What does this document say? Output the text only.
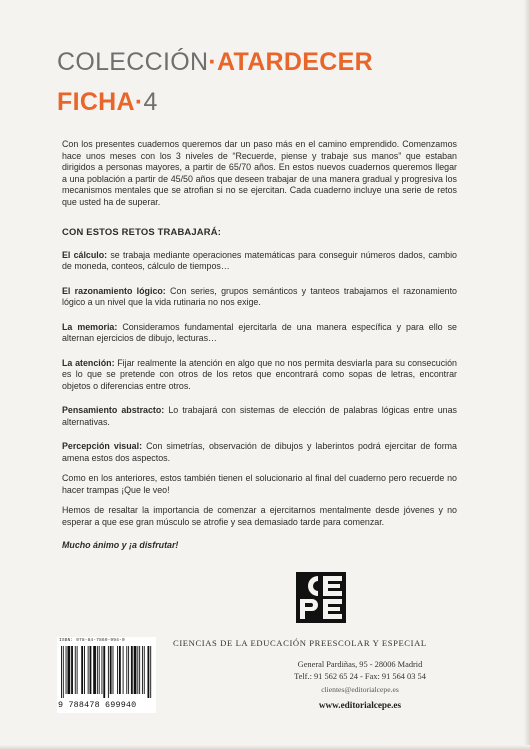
COLECCIÓN·ATARDECER
FICHA·4

Con los presentes cuadernos queremos dar un paso más en el camino emprendido. Comenzamos hace unos meses con los 3 niveles de “Recuerde, piense y trabaje sus manos” que estaban dirigidos a personas mayores, a partir de 65/70 años. En estos nuevos cuadernos queremos llegar a una población a partir de 45/50 años que deseen trabajar de una manera gradual y progresiva los mecanismos mentales que se atrofian si no se ejercitan. Cada cuaderno incluye una serie de retos que usted ha de superar.

CON ESTOS RETOS TRABAJARÁ:

El cálculo: se trabaja mediante operaciones matemáticas para conseguir números dados, cambio de moneda, conteos, cálculo de tiempos…

El razonamiento lógico: Con series, grupos semánticos y tanteos trabajamos el razonamiento lógico a un nivel que la vida rutinaria no nos exige.

La memoria: Consideramos fundamental ejercitarla de una manera específica y para ello se alternan ejercicios de dibujo, lecturas…

La atención: Fijar realmente la atención en algo que no nos permita desviarla para su consecución es lo que se pretende con otros de los retos que encontrará como sopas de letras, encontrar objetos o diferencias entre otros.

Pensamiento abstracto: Lo trabajará con sistemas de elección de palabras lógicas entre unas alternativas.

Percepción visual: Con simetrías, observación de dibujos y laberintos podrá ejercitar de forma amena estos dos aspectos.

Como en los anteriores, estos también tienen el solucionario al final del cuaderno pero recuerde no hacer trampas ¡Que le veo!

Hemos de resaltar la importancia de comenzar a ejercitarnos mentalmente desde jóvenes y no esperar a que ese gran músculo se atrofie y sea demasiado tarde para comenzar.

Mucho ánimo y ¡a disfrutar!

ISBN: 978-84-7869-994-0
9 788478 699940
CIENCIAS DE LA EDUCACIÓN PREESCOLAR Y ESPECIAL
General Pardiñas, 95 - 28006 Madrid
Telf.: 91 562 65 24 - Fax: 91 564 03 54
clientes@editorialcepe.es
www.editorialcepe.es
